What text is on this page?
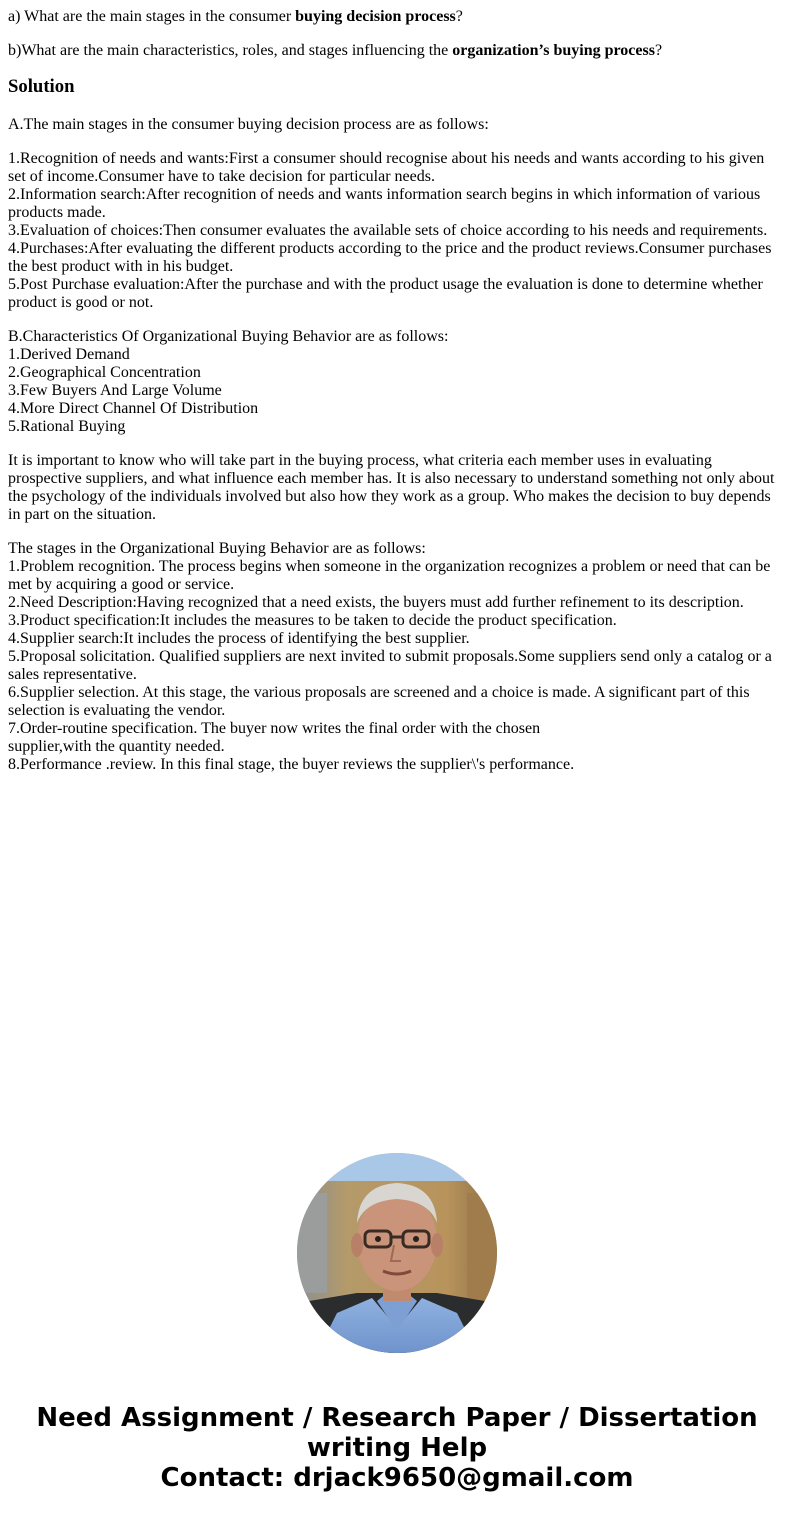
a) What are the main stages in the consumer buying decision process?

b)What are the main characteristics, roles, and stages influencing the organization’s buying process?

Solution

A.The main stages in the consumer buying decision process are as follows:

1.Recognition of needs and wants:First a consumer should recognise about his needs and wants according to his given set of income.Consumer have to take decision for particular needs.
2.Information search:After recognition of needs and wants information search begins in which information of various products made.
3.Evaluation of choices:Then consumer evaluates the available sets of choice according to his needs and requirements.
4.Purchases:After evaluating the different products according to the price and the product reviews.Consumer purchases the best product with in his budget.
5.Post Purchase evaluation:After the purchase and with the product usage the evaluation is done to determine whether product is good or not.

B.Characteristics Of Organizational Buying Behavior are as follows:
1.Derived Demand
2.Geographical Concentration
3.Few Buyers And Large Volume
4.More Direct Channel Of Distribution
5.Rational Buying

It is important to know who will take part in the buying process, what criteria each member uses in evaluating prospective suppliers, and what influence each member has. It is also necessary to understand something not only about the psychology of the individuals involved but also how they work as a group. Who makes the decision to buy depends in part on the situation.

The stages in the Organizational Buying Behavior are as follows:
1.Problem recognition. The process begins when someone in the organization recognizes a problem or need that can be met by acquiring a good or service.
2.Need Description:Having recognized that a need exists, the buyers must add further refinement to its description.
3.Product specification:It includes the measures to be taken to decide the product specification.
4.Supplier search:It includes the process of identifying the best supplier.
5.Proposal solicitation. Qualified suppliers are next invited to submit proposals.Some suppliers send only a catalog or a sales representative.
6.Supplier selection. At this stage, the various proposals are screened and a choice is made. A significant part of this selection is evaluating the vendor.
7.Order-routine specification. The buyer now writes the final order with the chosen
supplier,with the quantity needed.
8.Performance .review. In this final stage, the buyer reviews the supplier\'s performance.

Need Assignment / Research Paper / Dissertation writing Help
Contact: drjack9650@gmail.com
